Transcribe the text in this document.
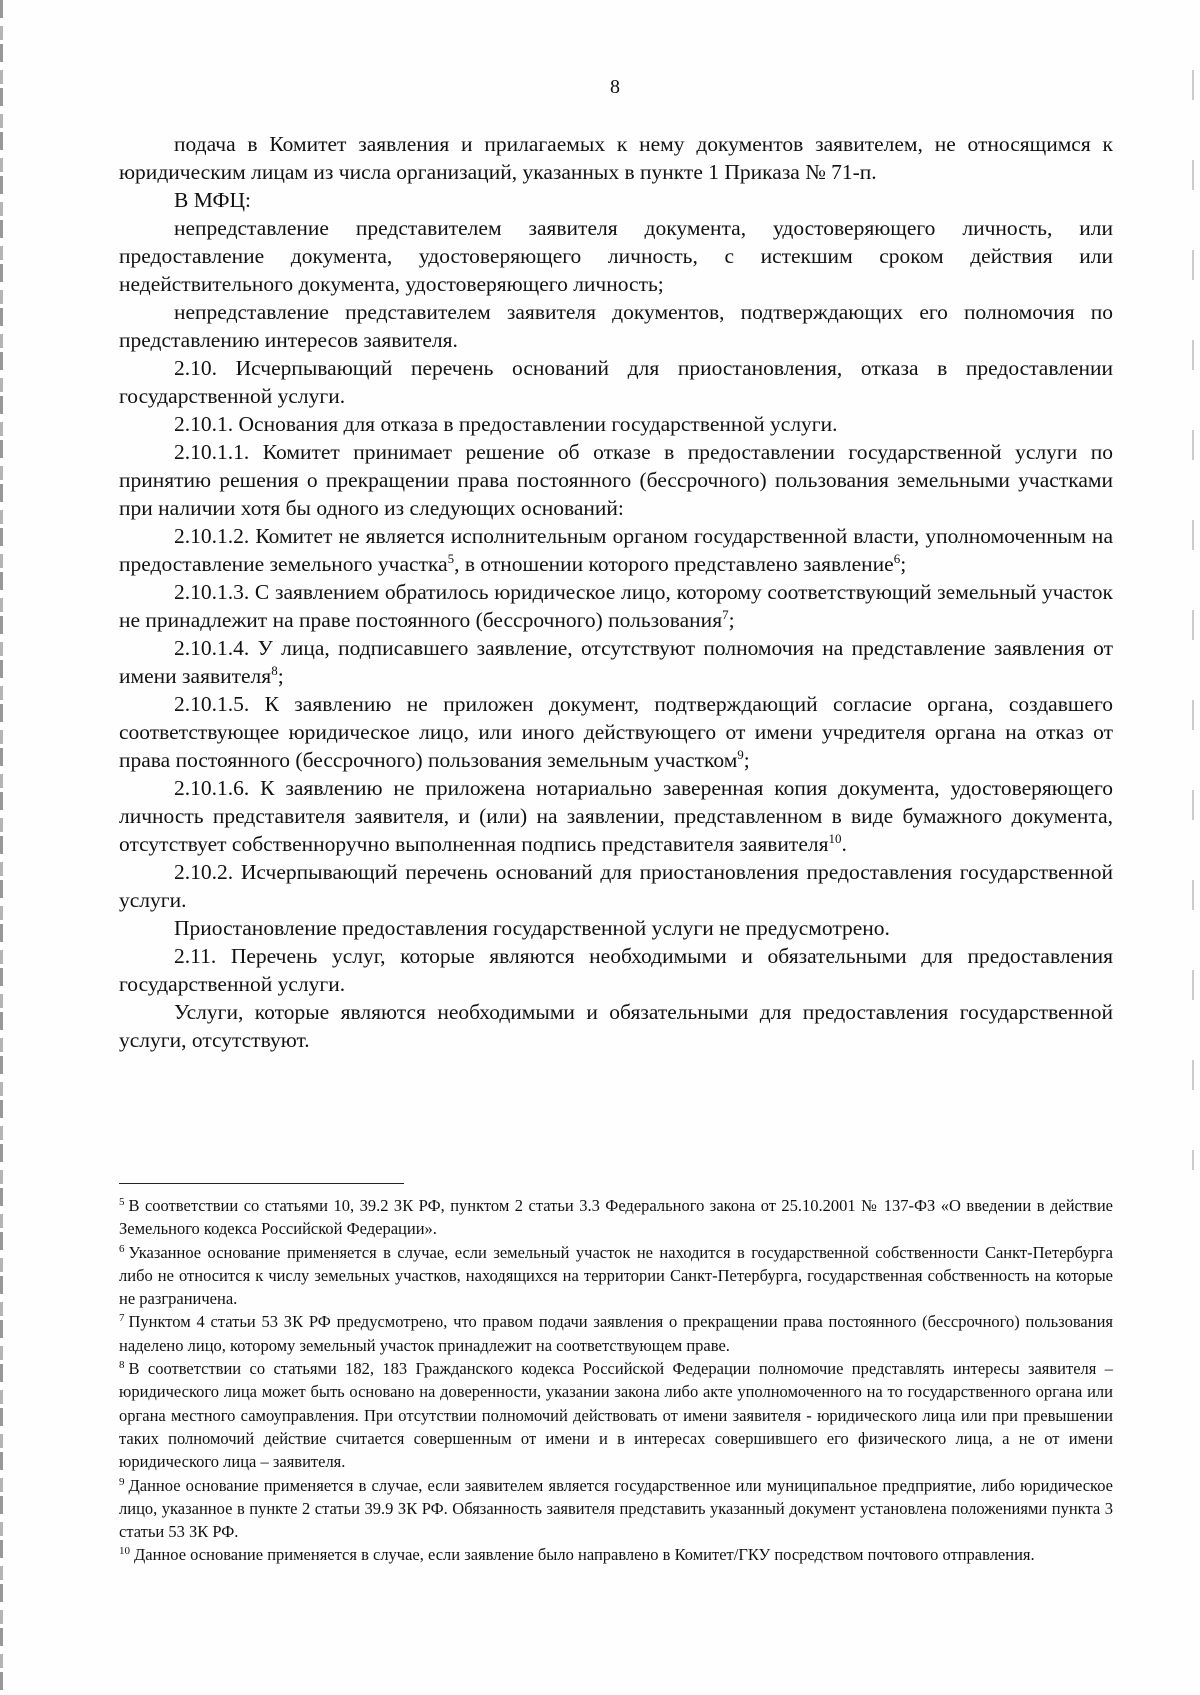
8

подача в Комитет заявления и прилагаемых к нему документов заявителем, не относящимся к юридическим лицам из числа организаций, указанных в пункте 1 Приказа № 71-п.

В МФЦ:

непредставление представителем заявителя документа, удостоверяющего личность, или предоставление документа, удостоверяющего личность, с истекшим сроком действия или недействительного документа, удостоверяющего личность;

непредставление представителем заявителя документов, подтверждающих его полномочия по представлению интересов заявителя.

2.10. Исчерпывающий перечень оснований для приостановления, отказа в предоставлении государственной услуги.

2.10.1. Основания для отказа в предоставлении государственной услуги.

2.10.1.1. Комитет принимает решение об отказе в предоставлении государственной услуги по принятию решения о прекращении права постоянного (бессрочного) пользования земельными участками при наличии хотя бы одного из следующих оснований:

2.10.1.2. Комитет не является исполнительным органом государственной власти, уполномоченным на предоставление земельного участка$^5$, в отношении которого представлено заявление$^6$;

2.10.1.3. С заявлением обратилось юридическое лицо, которому соответствующий земельный участок не принадлежит на праве постоянного (бессрочного) пользования$^7$;

2.10.1.4. У лица, подписавшего заявление, отсутствуют полномочия на представление заявления от имени заявителя$^8$;

2.10.1.5. К заявлению не приложен документ, подтверждающий согласие органа, создавшего соответствующее юридическое лицо, или иного действующего от имени учредителя органа на отказ от права постоянного (бессрочного) пользования земельным участком$^9$;

2.10.1.6. К заявлению не приложена нотариально заверенная копия документа, удостоверяющего личность представителя заявителя, и (или) на заявлении, представленном в виде бумажного документа, отсутствует собственноручно выполненная подпись представителя заявителя$^{10}$.

2.10.2. Исчерпывающий перечень оснований для приостановления предоставления государственной услуги.

Приостановление предоставления государственной услуги не предусмотрено.

2.11. Перечень услуг, которые являются необходимыми и обязательными для предоставления государственной услуги.

Услуги, которые являются необходимыми и обязательными для предоставления государственной услуги, отсутствуют.

$^5$ В соответствии со статьями 10, 39.2 ЗК РФ, пунктом 2 статьи 3.3 Федерального закона от 25.10.2001 № 137-ФЗ «О введении в действие Земельного кодекса Российской Федерации».

$^6$ Указанное основание применяется в случае, если земельный участок не находится в государственной собственности Санкт-Петербурга либо не относится к числу земельных участков, находящихся на территории Санкт-Петербурга, государственная собственность на которые не разграничена.

$^7$ Пунктом 4 статьи 53 ЗК РФ предусмотрено, что правом подачи заявления о прекращении права постоянного (бессрочного) пользования наделено лицо, которому земельный участок принадлежит на соответствующем праве.

$^8$ В соответствии со статьями 182, 183 Гражданского кодекса Российской Федерации полномочие представлять интересы заявителя – юридического лица может быть основано на доверенности, указании закона либо акте уполномоченного на то государственного органа или органа местного самоуправления. При отсутствии полномочий действовать от имени заявителя - юридического лица или при превышении таких полномочий действие считается совершенным от имени и в интересах совершившего его физического лица, а не от имени юридического лица – заявителя.

$^9$ Данное основание применяется в случае, если заявителем является государственное или муниципальное предприятие, либо юридическое лицо, указанное в пункте 2 статьи 39.9 ЗК РФ. Обязанность заявителя представить указанный документ установлена положениями пункта 3 статьи 53 ЗК РФ.

$^{10}$ Данное основание применяется в случае, если заявление было направлено в Комитет/ГКУ посредством почтового отправления.
